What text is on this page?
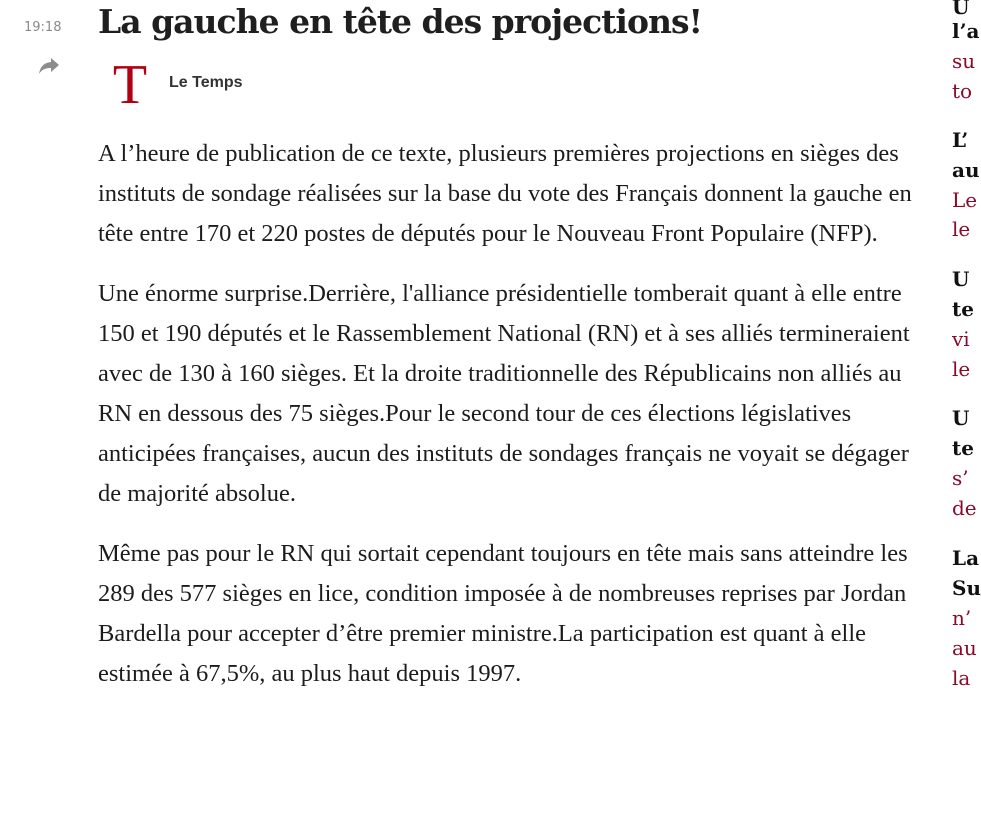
19:18 La gauche en tête des projections!
T Le Temps

A l’heure de publication de ce texte, plusieurs premières projections en sièges des instituts de sondage réalisées sur la base du vote des Français donnent la gauche en tête entre 170 et 220 postes de députés pour le Nouveau Front Populaire (NFP).

Une énorme surprise.Derrière, l'alliance présidentielle tomberait quant à elle entre 150 et 190 députés et le Rassemblement National (RN) et à ses alliés termineraient avec de 130 à 160 sièges. Et la droite traditionnelle des Républicains non alliés au RN en dessous des 75 sièges.Pour le second tour de ces élections législatives anticipées françaises, aucun des instituts de sondages français ne voyait se dégager de majorité absolue.

Même pas pour le RN qui sortait cependant toujours en tête mais sans atteindre les 289 des 577 sièges en lice, condition imposée à de nombreuses reprises par Jordan Bardella pour accepter d’être premier ministre.La participation est quant à elle estimée à 67,5%, au plus haut depuis 1997.

U
l’a
su
to
L’
au
Le
le
U
te
vi
le
U
te
s’
de
La
Su
n’
au
la
